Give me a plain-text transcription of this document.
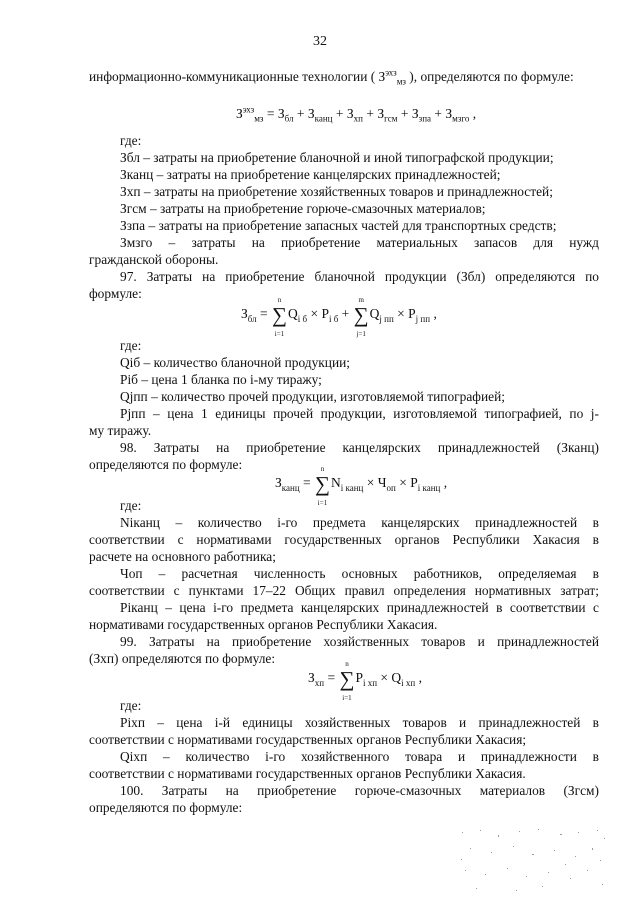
32
информационно-коммуникационные технологии ( $З^{эхз}_{мз}$ ), определяются по формуле:
$З^{эхз}_{мз} = З_{бл} + З_{канц} + З_{хп} + З_{гсм} + З_{зпа} + З_{мзго}$ ,
где:
Збл – затраты на приобретение бланочной и иной типографской продукции;
Зканц – затраты на приобретение канцелярских принадлежностей;
Зхп – затраты на приобретение хозяйственных товаров и принадлежностей;
Згсм – затраты на приобретение горюче-смазочных материалов;
Ззпа – затраты на приобретение запасных частей для транспортных средств;
Змзго – затраты на приобретение материальных запасов для нужд
гражданской обороны.
97. Затраты на приобретение бланочной продукции (Збл) определяются по
формуле:
$З_{бл} = n$
∑
$i=1Q_{i б} \times P_{i б} + m$
∑
$j=1Q_{j пп} \times P_{j пп}$ ,
где:
Qiб – количество бланочной продукции;
Piб – цена 1 бланка по i-му тиражу;
Qjпп – количество прочей продукции, изготовляемой типографией;
Pjпп – цена 1 единицы прочей продукции, изготовляемой типографией, по j-
му тиражу.
98. Затраты на приобретение канцелярских принадлежностей (Зканц)
определяются по формуле:
$З_{канц} = n$
∑
$i=1N_{i канц} \times Ч_{оп} \times P_{i канц}$ ,
где:
Niканц – количество i-го предмета канцелярских принадлежностей в
соответствии с нормативами государственных органов Республики Хакасия в
расчете на основного работника;
Чоп – расчетная численность основных работников, определяемая в
соответствии с пунктами 17–22 Общих правил определения нормативных затрат;
Piканц – цена i-го предмета канцелярских принадлежностей в соответствии с
нормативами государственных органов Республики Хакасия.
99. Затраты на приобретение хозяйственных товаров и принадлежностей
(Зхп) определяются по формуле:
$З_{хп} = n$
∑
$i=1P_{i хп} \times Q_{i хп}$ ,
где:
Piхп – цена i-й единицы хозяйственных товаров и принадлежностей в
соответствии с нормативами государственных органов Республики Хакасия;
Qiхп – количество i-го хозяйственного товара и принадлежности в
соответствии с нормативами государственных органов Республики Хакасия.
100. Затраты на приобретение горюче-смазочных материалов (Згсм)
определяются по формуле:
